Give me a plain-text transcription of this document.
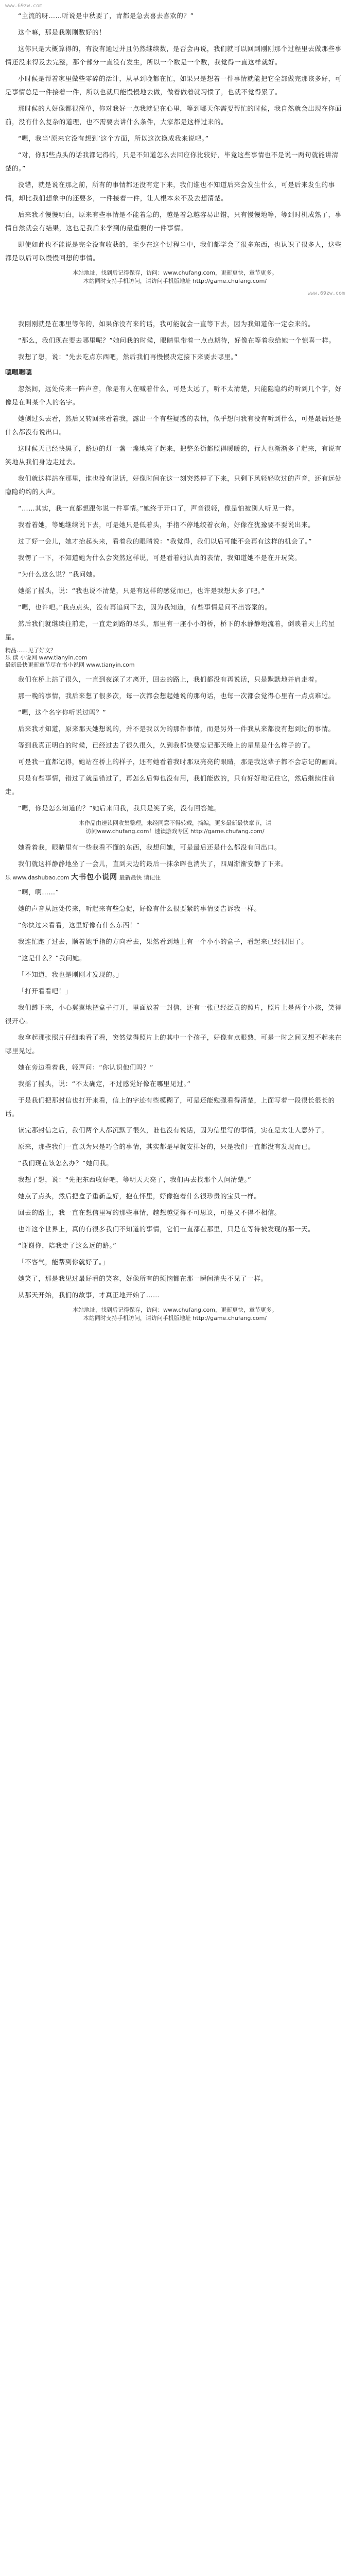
www.69zw.com

“主流的呀……听说是中秋要了，青都是急去喜去喜欢的？”

这个嘛，那是我刚刚数好的！

这你只是大概算得的，有没有通过并且仍然继续数，是否会再说，我们就可以回到刚刚那个过程里去做那些事情还没来得及去完整，那个部分一直没有发生，所以一个数是一个数，我觉得一直这样就好。

小时候是帮着家里做些零碎的活计，从早到晚都在忙，如果只是想着一件事情就能把它全部做完那该多好，可是事情总是一件接着一件，所以也就只能慢慢地去做，做着做着就习惯了，也就不觉得累了。

那时候的人好像都很简单，你对我好一点我就记在心里，等到哪天你需要帮忙的时候，我自然就会出现在你面前，没有什么复杂的道理，也不需要去讲什么条件，大家都是这样过来的。

“嗯，我当‘原来它没有想到’这个方面，所以这次换成我来说吧。”

“对，你那些点头的话我都记得的，只是不知道怎么去回应你比较好，毕竟这些事情也不是说一两句就能讲清楚的。”

没错，就是说在那之前，所有的事情都还没有定下来，我们谁也不知道后来会发生什么，可是后来发生的事情，却比我们想象中的还要多，一件接着一件，让人根本来不及去想清楚。

后来我才慢慢明白，原来有些事情是不能着急的，越是着急越容易出错，只有慢慢地等，等到时机成熟了，事情自然就会有结果，这也是我后来学到的最重要的一件事情。

即使如此也不能说是完全没有收获的，至少在这个过程当中，我们都学会了很多东西，也认识了很多人，这些都是以后可以慢慢回想的事情。

本站地址，找到后记得保存，访问：www.chufang.com，更新更快，章节更多。
本站同时支持手机访问，请访问手机版地址 http://game.chufang.com/
www.69zw.com

我刚刚就是在那里等你的，如果你没有来的话，我可能就会一直等下去，因为我知道你一定会来的。

“那么，我们现在要去哪里呢？”她问我的时候，眼睛里带着一点点期待，好像在等着我给她一个惊喜一样。

我想了想，说：“先去吃点东西吧，然后我们再慢慢决定接下来要去哪里。”

嗯嗯嗯嗯

忽然间，远处传来一阵声音，像是有人在喊着什么，可是太远了，听不太清楚，只能隐隐约约听到几个字，好像是在叫某个人的名字。

她侧过头去看，然后又转回来看着我，露出一个有些疑惑的表情，似乎想问我有没有听到什么，可是最后还是什么都没有说出口。

这时候天已经快黑了，路边的灯一盏一盏地亮了起来，把整条街都照得暖暖的，行人也渐渐多了起来，有说有笑地从我们身边走过去。

我们就这样站在那里，谁也没有说话，好像时间在这一刻突然停了下来，只剩下风轻轻吹过的声音，还有远处隐隐约约的人声。

“……其实，我一直都想跟你说一件事情。”她终于开口了，声音很轻，像是怕被别人听见一样。

我看着她，等她继续说下去，可是她只是低着头，手指不停地绞着衣角，好像在犹豫要不要说出来。

过了好一会儿，她才抬起头来，看着我的眼睛说：“我觉得，我们以后可能不会再有这样的机会了。”

我愣了一下，不知道她为什么会突然这样说，可是看着她认真的表情，我知道她不是在开玩笑。

“为什么这么说？”我问她。

她摇了摇头，说：“我也说不清楚，只是有这样的感觉而已，也许是我想太多了吧。”

“嗯，也许吧。”我点点头，没有再追问下去，因为我知道，有些事情是问不出答案的。

然后我们就继续往前走，一直走到路的尽头，那里有一座小小的桥，桥下的水静静地流着，倒映着天上的星星。

精品……见了好文？
乐 读 小说网 www.tianyin.com
最新最快更新章节尽在书小说网 www.tianyin.com

我们在桥上站了很久，一直到夜深了才离开，回去的路上，我们都没有再说话，只是默默地并肩走着。

那一晚的事情，我后来想了很多次，每一次都会想起她说的那句话，也每一次都会觉得心里有一点点难过。

“嗯，这个名字你听说过吗？”

后来我才知道，原来那天她想说的，并不是我以为的那件事情，而是另外一件我从来都没有想到过的事情。

等到我真正明白的时候，已经过去了很久很久，久到我都快要忘记那天晚上的星星是什么样子的了。

可是我一直都记得，她站在桥上的样子，还有她看着我时那双亮亮的眼睛，那是我这辈子都不会忘记的画面。

只是有些事情，错过了就是错过了，再怎么后悔也没有用，我们能做的，只有好好地记住它，然后继续往前走。

“嗯，你是怎么知道的？”她后来问我，我只是笑了笑，没有回答她。

本作品由速读网收集整理，未经同意不得转载，摘编，更多最新最快章节，请
访问www.chufang.com！速读游戏专区 http://game.chufang.com/

她看着我，眼睛里有一些我看不懂的东西，我想问她，可是最后还是什么都没有问出口。

我们就这样静静地坐了一会儿，直到天边的最后一抹余晖也消失了，四周渐渐安静了下来。

乐 www.dashubao.com 大书包小说网 最新最快 请记住

“啊，啊……”

她的声音从远处传来，听起来有些急促，好像有什么很要紧的事情要告诉我一样。

“你快过来看看，这里好像有什么东西！”

我连忙跑了过去，顺着她手指的方向看去，果然看到地上有一个小小的盒子，看起来已经很旧了。

“这是什么？”我问她。

「不知道，我也是刚刚才发现的。」

「打开看看吧！」

我们蹲下来，小心翼翼地把盒子打开，里面放着一封信，还有一张已经泛黄的照片，照片上是两个小孩，笑得很开心。

我拿起那张照片仔细地看了看，突然觉得照片上的其中一个孩子，好像有点眼熟，可是一时之间又想不起来在哪里见过。

她在旁边看着我，轻声问：“你认识他们吗？”

我摇了摇头，说：“不太确定，不过感觉好像在哪里见过。”

于是我们把那封信也打开来看，信上的字迹有些模糊了，可是还能勉强看得清楚，上面写着一段很长很长的话。

读完那封信之后，我们两个人都沉默了很久，谁也没有说话，因为信里写的事情，实在是太让人意外了。

原来，那些我们一直以为只是巧合的事情，其实都是早就安排好的，只是我们一直都没有发现而已。

“我们现在该怎么办？”她问我。

我想了想，说：“先把东西收好吧，等明天天亮了，我们再去找那个人问清楚。”

她点了点头，然后把盒子重新盖好，抱在怀里，好像抱着什么很珍贵的宝贝一样。

回去的路上，我一直在想信里写的那些事情，越想越觉得不可思议，可是又不得不相信。

也许这个世界上，真的有很多我们不知道的事情，它们一直都在那里，只是在等待被发现的那一天。

“谢谢你，陪我走了这么远的路。”

「不客气，能帮到你就好了。」

她笑了，那是我见过最好看的笑容，好像所有的烦恼都在那一瞬间消失不见了一样。

从那天开始，我们的故事，才真正地开始了……

本站地址，找到后记得保存，访问：www.chufang.com，更新更快，章节更多。
本站同时支持手机访问，请访问手机版地址 http://game.chufang.com/
